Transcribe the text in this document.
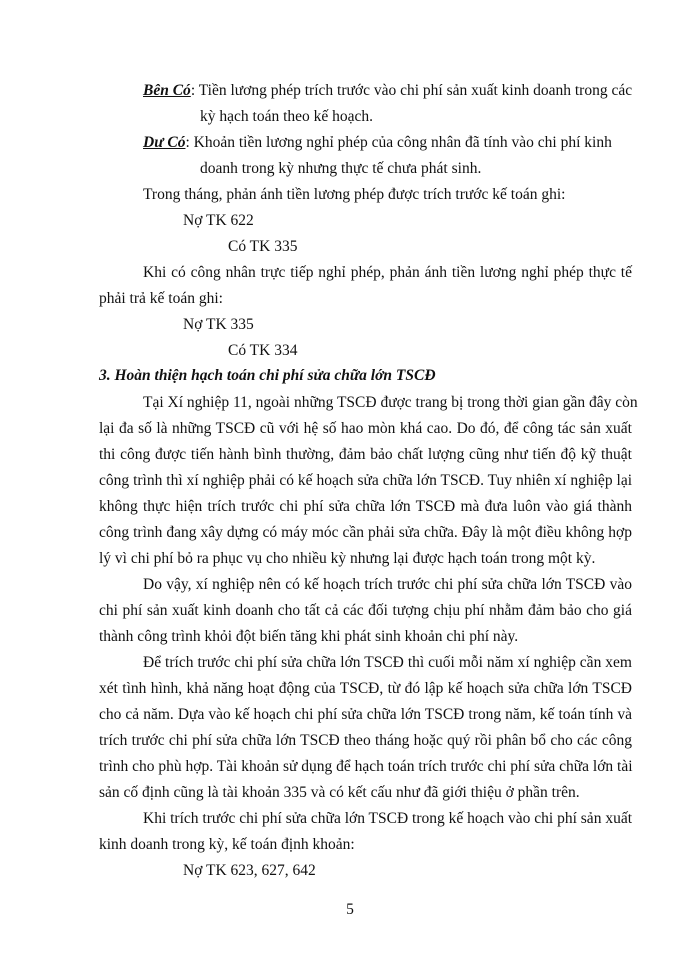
Bên Có: Tiền lương phép trích trước vào chi phí sản xuất kinh doanh trong các
kỳ hạch toán theo kế hoạch.
Dư Có: Khoản tiền lương nghỉ phép của công nhân đã tính vào chi phí kinh
doanh trong kỳ nhưng thực tế chưa phát sinh.
Trong tháng, phản ánh tiền lương phép được trích trước kế toán ghi:
Nợ TK 622
Có TK 335
Khi có công nhân trực tiếp nghỉ phép, phản ánh tiền lương nghỉ phép thực tế
phải trả kế toán ghi:
Nợ TK 335
Có TK 334
3. Hoàn thiện hạch toán chi phí sửa chữa lớn TSCĐ
Tại Xí nghiệp 11, ngoài những TSCĐ được trang bị trong thời gian gần đây còn
lại đa số là những TSCĐ cũ với hệ số hao mòn khá cao. Do đó, để công tác sản xuất
thi công được tiến hành bình thường, đảm bảo chất lượng cũng như tiến độ kỹ thuật
công trình thì xí nghiệp phải có kế hoạch sửa chữa lớn TSCĐ. Tuy nhiên xí nghiệp lại
không thực hiện trích trước chi phí sửa chữa lớn TSCĐ mà đưa luôn vào giá thành
công trình đang xây dựng có máy móc cần phải sửa chữa. Đây là một điều không hợp
lý vì chi phí bỏ ra phục vụ cho nhiều kỳ nhưng lại được hạch toán trong một kỳ.
Do vậy, xí nghiệp nên có kế hoạch trích trước chi phí sửa chữa lớn TSCĐ vào
chi phí sản xuất kinh doanh cho tất cả các đối tượng chịu phí nhằm đảm bảo cho giá
thành công trình khỏi đột biến tăng khi phát sinh khoản chi phí này.
Để trích trước chi phí sửa chữa lớn TSCĐ thì cuối mỗi năm xí nghiệp cần xem
xét tình hình, khả năng hoạt động của TSCĐ, từ đó lập kế hoạch sửa chữa lớn TSCĐ
cho cả năm. Dựa vào kế hoạch chi phí sửa chữa lớn TSCĐ trong năm, kế toán tính và
trích trước chi phí sửa chữa lớn TSCĐ theo tháng hoặc quý rồi phân bổ cho các công
trình cho phù hợp. Tài khoản sử dụng để hạch toán trích trước chi phí sửa chữa lớn tài
sản cố định cũng là tài khoản 335 và có kết cấu như đã giới thiệu ở phần trên.
Khi trích trước chi phí sửa chữa lớn TSCĐ trong kế hoạch vào chi phí sản xuất
kinh doanh trong kỳ, kế toán định khoản:
Nợ TK 623, 627, 642
5
